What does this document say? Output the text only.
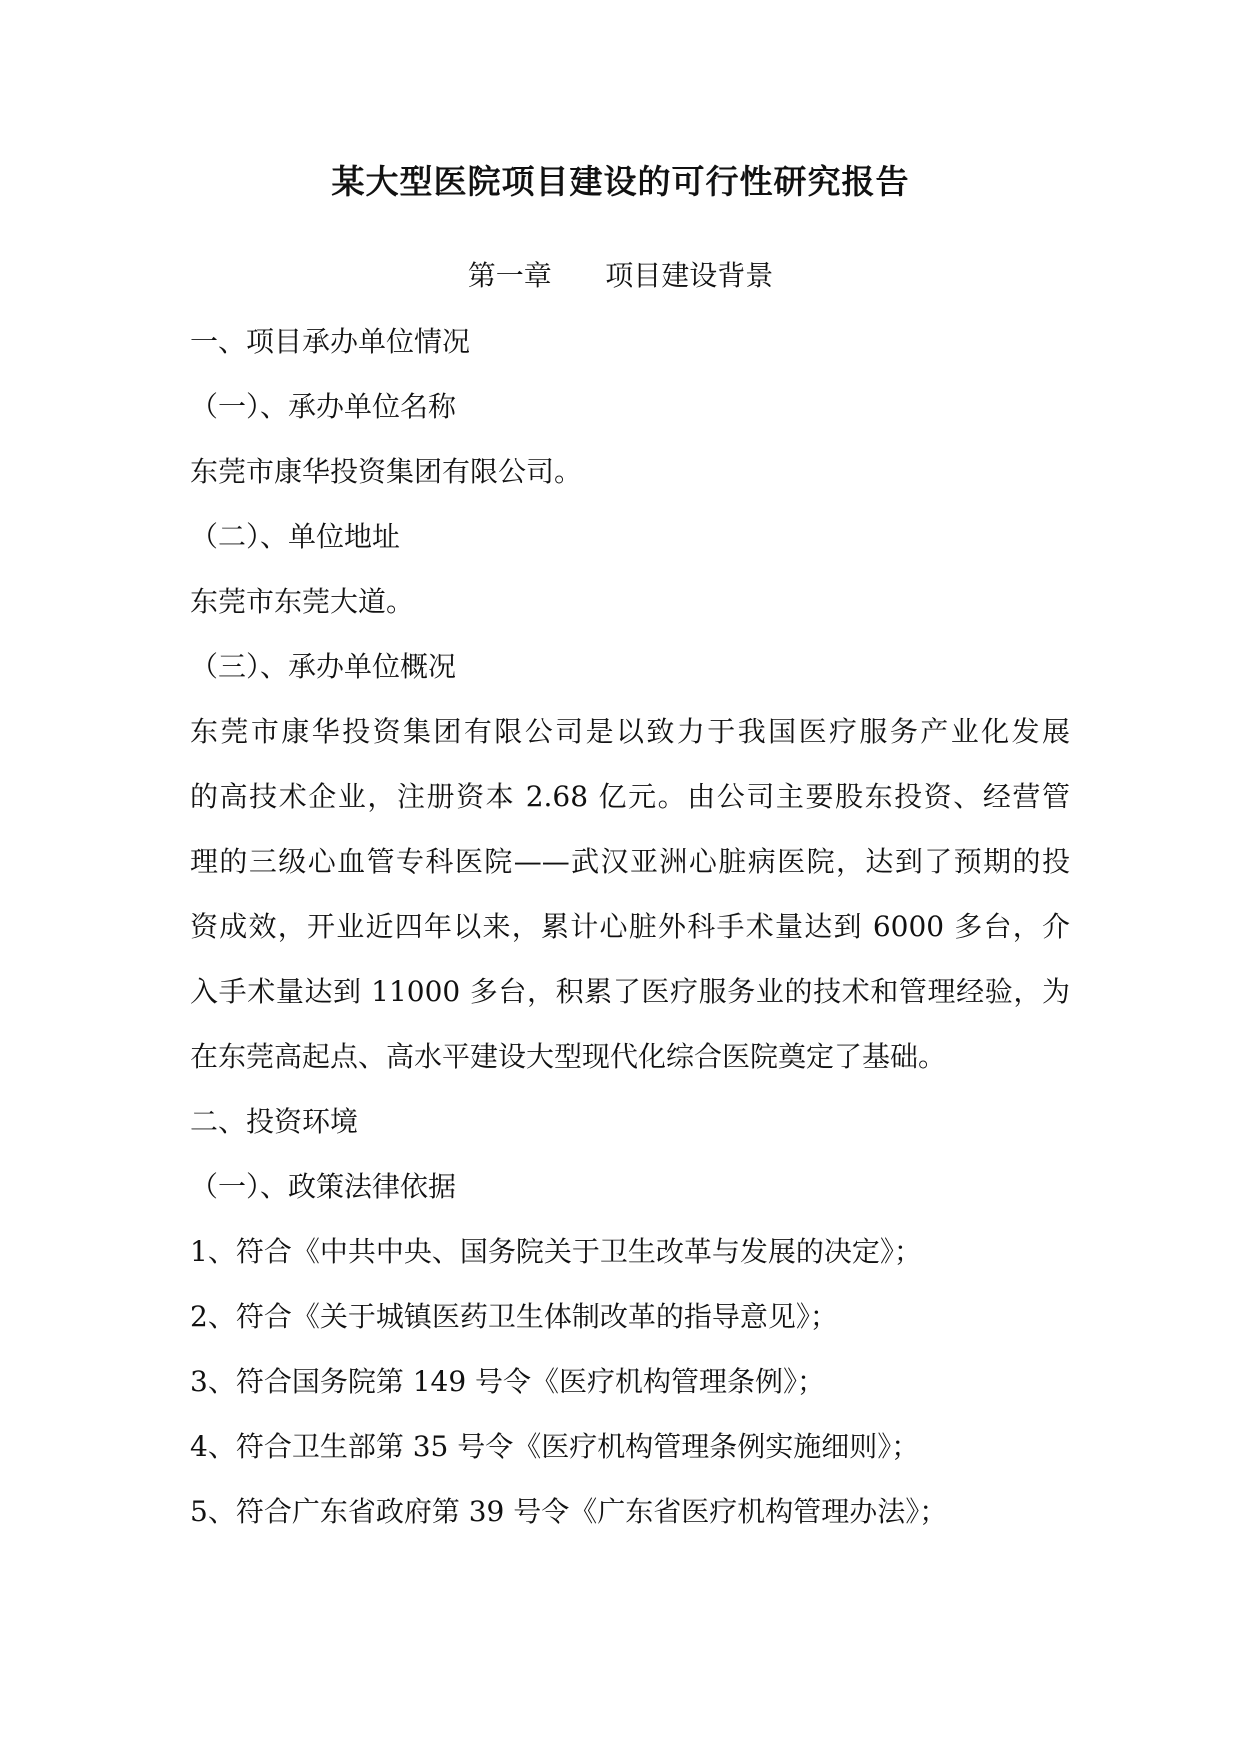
某大型医院项目建设的可行性研究报告
第一章      项目建设背景
一、项目承办单位情况
（一）、承办单位名称
东莞市康华投资集团有限公司。
（二）、单位地址
东莞市东莞大道。
（三）、承办单位概况
东莞市康华投资集团有限公司是以致力于我国医疗服务产业化发展
的高技术企业，注册资本 2.68 亿元。由公司主要股东投资、经营管
理的三级心血管专科医院——武汉亚洲心脏病医院，达到了预期的投
资成效，开业近四年以来，累计心脏外科手术量达到 6000 多台，介
入手术量达到 11000 多台，积累了医疗服务业的技术和管理经验，为
在东莞高起点、高水平建设大型现代化综合医院奠定了基础。
二、投资环境
（一）、政策法律依据
1、符合《中共中央、国务院关于卫生改革与发展的决定》；
2、符合《关于城镇医药卫生体制改革的指导意见》；
3、符合国务院第 149 号令《医疗机构管理条例》；
4、符合卫生部第 35 号令《医疗机构管理条例实施细则》；
5、符合广东省政府第 39 号令《广东省医疗机构管理办法》；
